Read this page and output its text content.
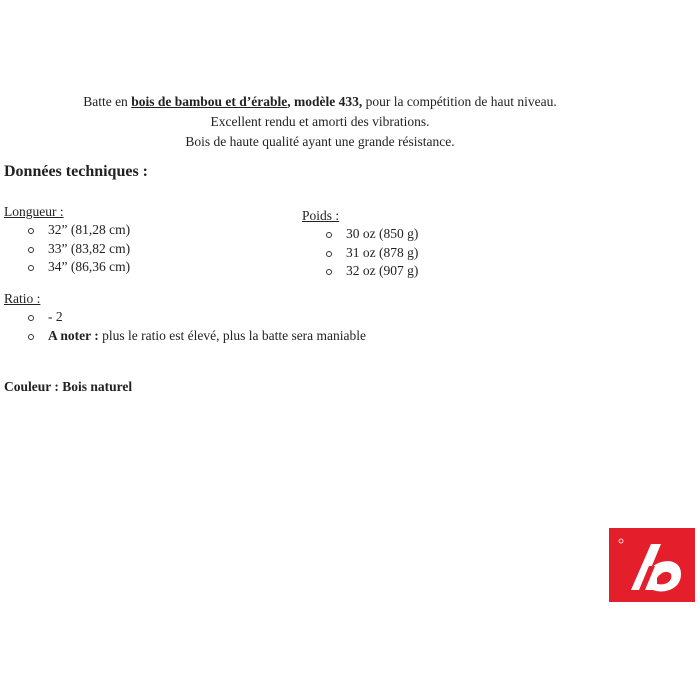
Batte en bois de bambou et d’érable, modèle 433, pour la compétition de haut niveau.
Excellent rendu et amorti des vibrations.
Bois de haute qualité ayant une grande résistance.
Données techniques :
Longueur :
32” (81,28 cm)
33” (83,82 cm)
34” (86,36 cm)
Poids :
30 oz (850 g)
31 oz (878 g)
32 oz (907 g)
Ratio :
- 2
A noter : plus le ratio est élevé, plus la batte sera maniable
Couleur : Bois naturel
